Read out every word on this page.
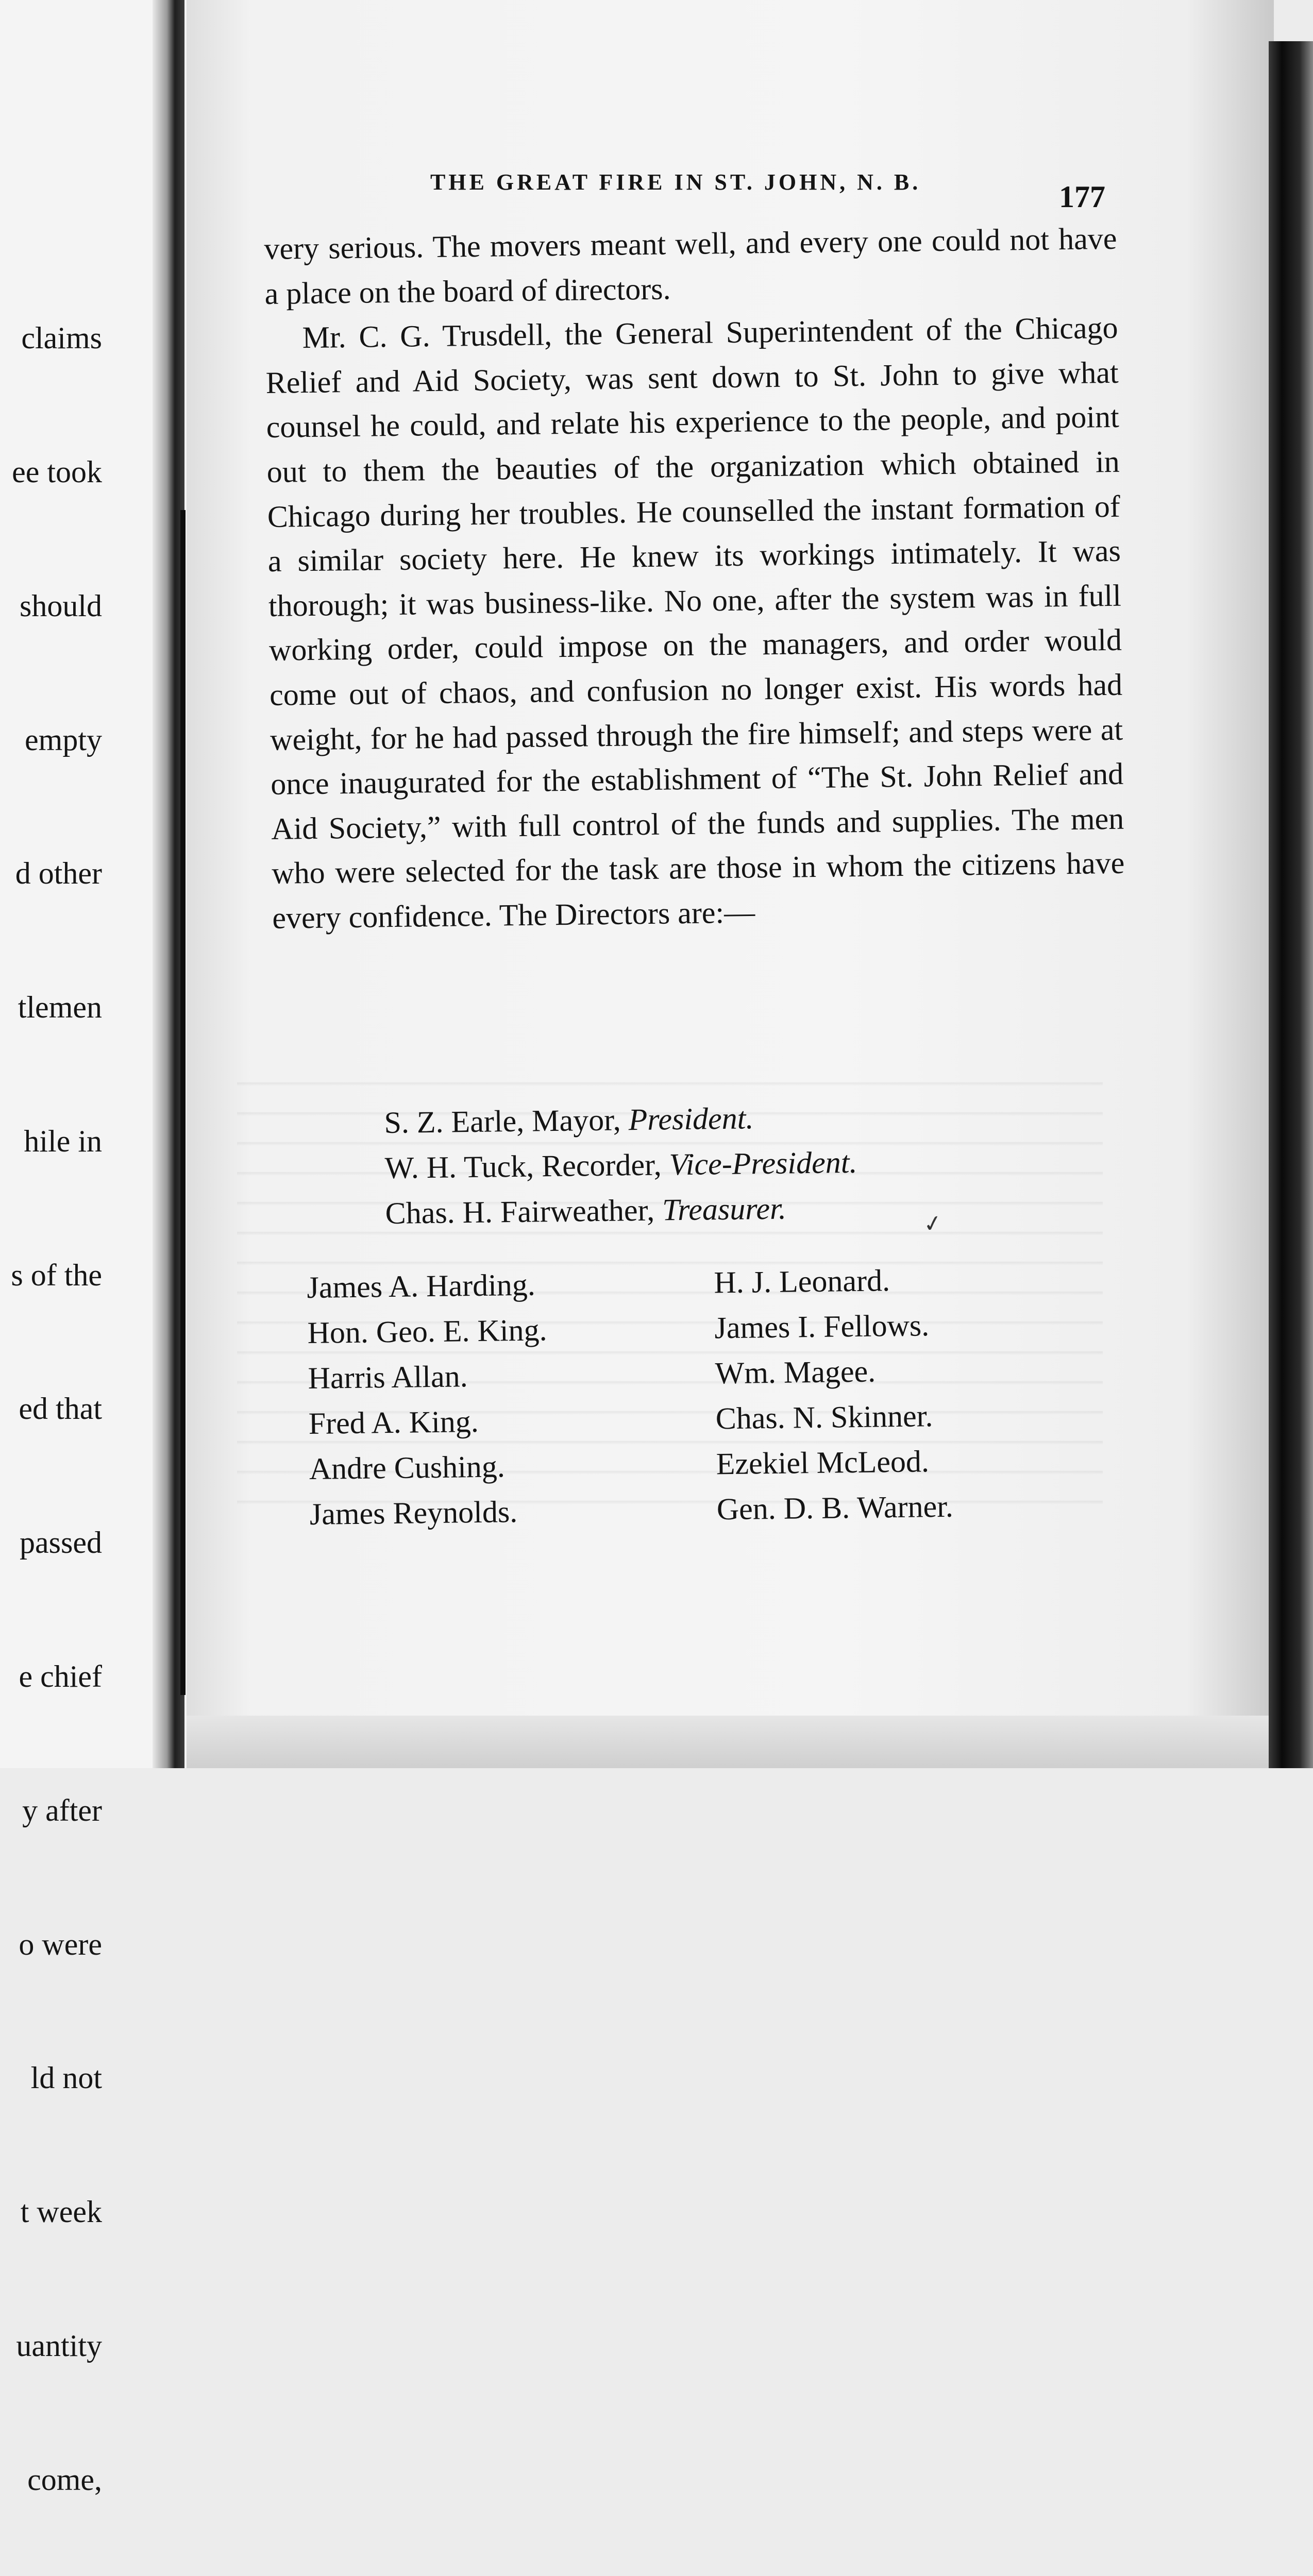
claims

ee took

should

empty

d other

tlemen

hile in

s of the

ed that

passed

e chief

y after

o were

ld not

t week

uantity

come,

THE GREAT FIRE IN ST. JOHN, N. B.	177

very serious. The movers meant well, and every one could not have a place on the board of directors.

Mr. C. G. Trusdell, the General Superintendent of the Chicago Relief and Aid Society, was sent down to St. John to give what counsel he could, and relate his experience to the people, and point out to them the beauties of the organization which obtained in Chicago during her troubles. He counselled the instant formation of a similar society here. He knew its workings intimately. It was thorough; it was business-like. No one, after the system was in full working order, could impose on the managers, and order would come out of chaos, and confusion no longer exist. His words had weight, for he had passed through the fire himself; and steps were at once inaugurated for the establishment of “The St. John Relief and Aid Society,” with full control of the funds and supplies. The men who were selected for the task are those in whom the citizens have every confidence. The Directors are:—

S. Z. Earle, Mayor, President.
W. H. Tuck, Recorder, Vice-President.
Chas. H. Fairweather, Treasurer.	✓
James A. Harding.
Hon. Geo. E. King.
Harris Allan.
Fred A. King.
Andre Cushing.
James Reynolds.
H. J. Leonard.
James I. Fellows.
Wm. Magee.
Chas. N. Skinner.
Ezekiel McLeod.
Gen. D. B. Warner.
